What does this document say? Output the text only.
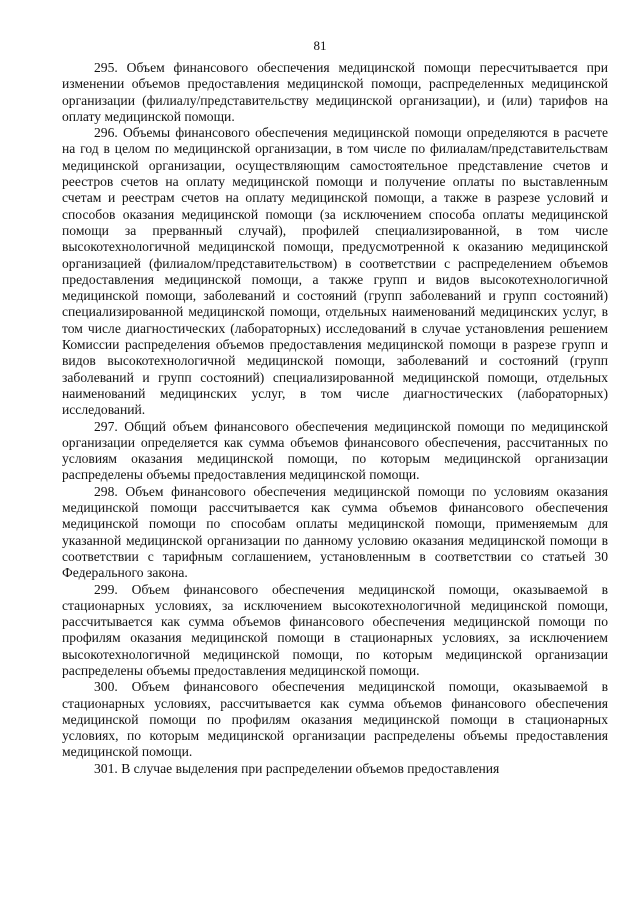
81

295. Объем финансового обеспечения медицинской помощи пересчитывается при изменении объемов предоставления медицинской помощи, распределенных медицинской организации (филиалу/представительству медицинской организации), и (или) тарифов на оплату медицинской помощи.

296. Объемы финансового обеспечения медицинской помощи определяются в расчете на год в целом по медицинской организации, в том числе по филиалам/представительствам медицинской организации, осуществляющим самостоятельное представление счетов и реестров счетов на оплату медицинской помощи и получение оплаты по выставленным счетам и реестрам счетов на оплату медицинской помощи, а также в разрезе условий и способов оказания медицинской помощи (за исключением способа оплаты медицинской помощи за прерванный случай), профилей специализированной, в том числе высокотехнологичной медицинской помощи, предусмотренной к оказанию медицинской организацией (филиалом/представительством) в соответствии с распределением объемов предоставления медицинской помощи, а также групп и видов высокотехнологичной медицинской помощи, заболеваний и состояний (групп заболеваний и групп состояний) специализированной медицинской помощи, отдельных наименований медицинских услуг, в том числе диагностических (лабораторных) исследований в случае установления решением Комиссии распределения объемов предоставления медицинской помощи в разрезе групп и видов высокотехнологичной медицинской помощи, заболеваний и состояний (групп заболеваний и групп состояний) специализированной медицинской помощи, отдельных наименований медицинских услуг, в том числе диагностических (лабораторных) исследований.

297. Общий объем финансового обеспечения медицинской помощи по медицинской организации определяется как сумма объемов финансового обеспечения, рассчитанных по условиям оказания медицинской помощи, по которым медицинской организации распределены объемы предоставления медицинской помощи.

298. Объем финансового обеспечения медицинской помощи по условиям оказания медицинской помощи рассчитывается как сумма объемов финансового обеспечения медицинской помощи по способам оплаты медицинской помощи, применяемым для указанной медицинской организации по данному условию оказания медицинской помощи в соответствии с тарифным соглашением, установленным в соответствии со статьей 30 Федерального закона.

299. Объем финансового обеспечения медицинской помощи, оказываемой в стационарных условиях, за исключением высокотехнологичной медицинской помощи, рассчитывается как сумма объемов финансового обеспечения медицинской помощи по профилям оказания медицинской помощи в стационарных условиях, за исключением высокотехнологичной медицинской помощи, по которым медицинской организации распределены объемы предоставления медицинской помощи.

300. Объем финансового обеспечения медицинской помощи, оказываемой в стационарных условиях, рассчитывается как сумма объемов финансового обеспечения медицинской помощи по профилям оказания медицинской помощи в стационарных условиях, по которым медицинской организации распределены объемы предоставления медицинской помощи.

301. В случае выделения при распределении объемов предоставления
